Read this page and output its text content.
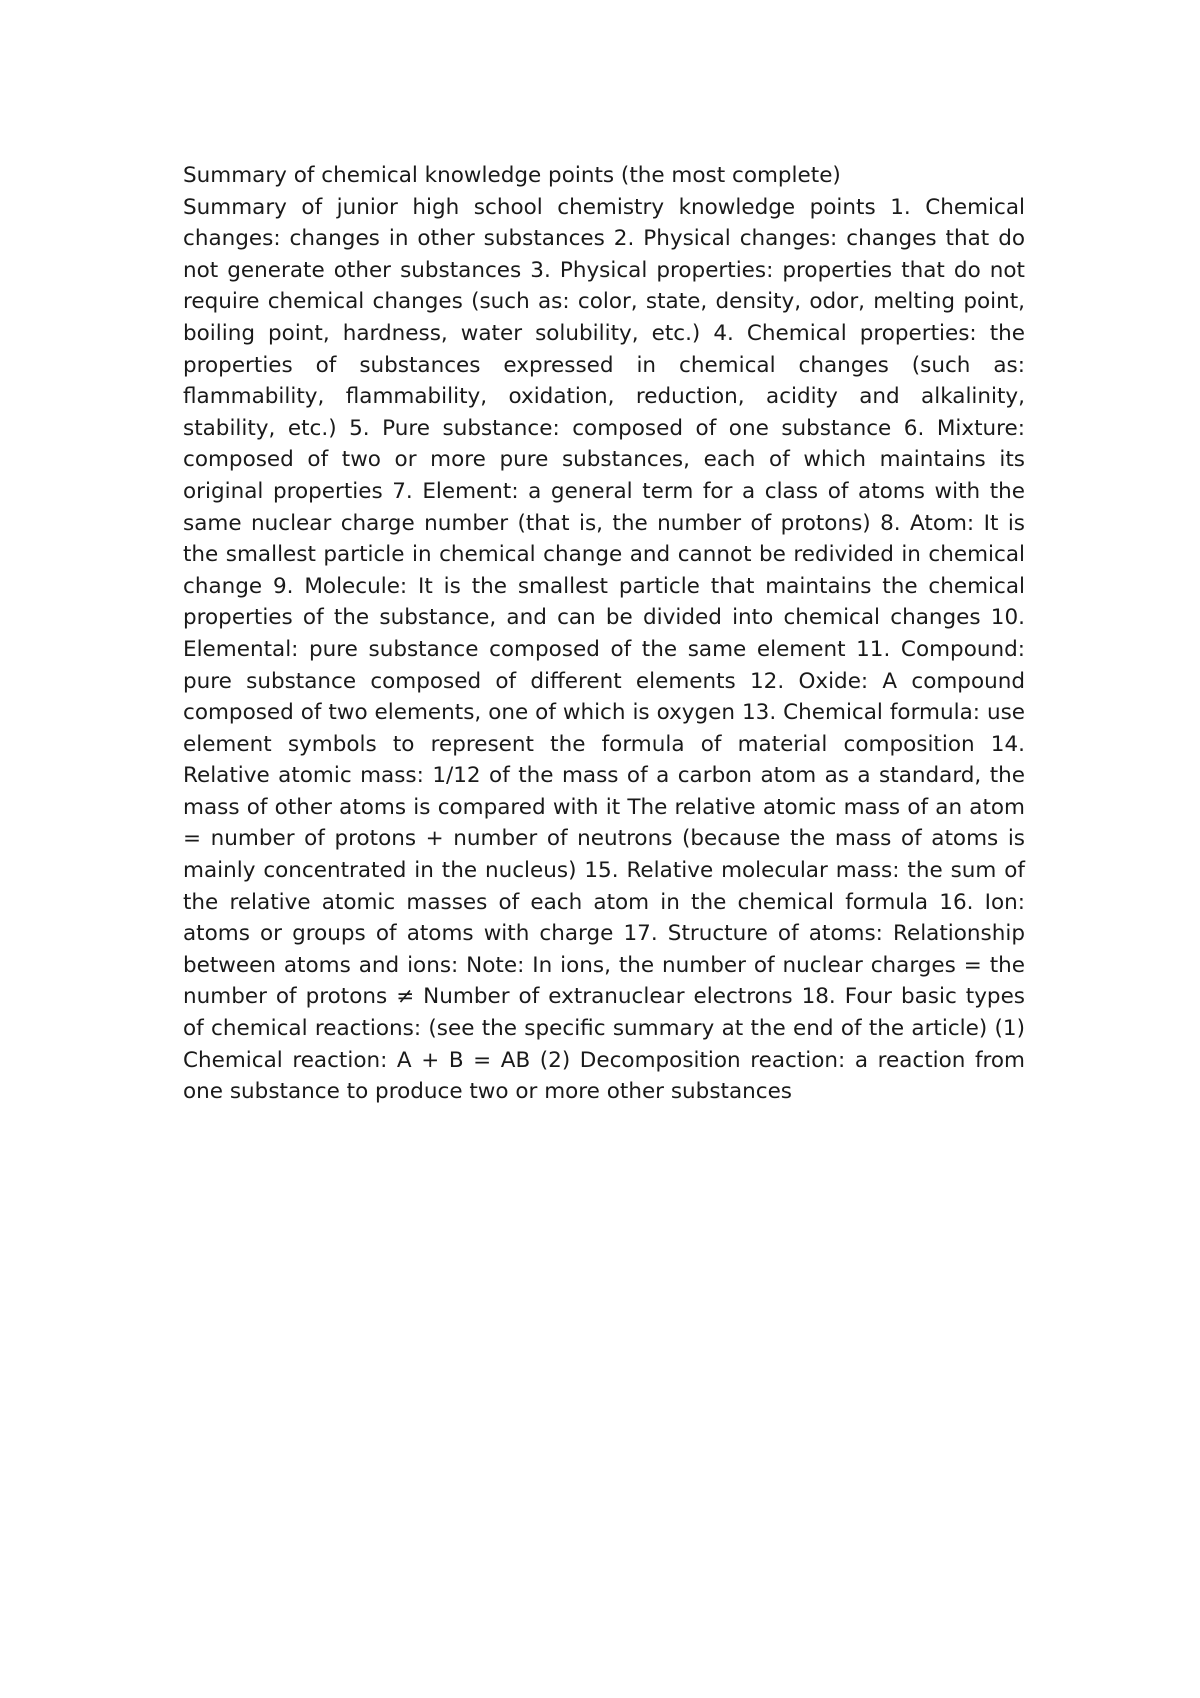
Summary of chemical knowledge points (the most complete)

Summary of junior high school chemistry knowledge points 1. Chemical changes: changes in other substances 2. Physical changes: changes that do not generate other substances 3. Physical properties: properties that do not require chemical changes (such as: color, state, density, odor, melting point, boiling point, hardness, water solubility, etc.) 4. Chemical properties: the properties of substances expressed in chemical changes (such as: flammability, flammability, oxidation, reduction, acidity and alkalinity, stability, etc.) 5. Pure substance: composed of one substance 6. Mixture: composed of two or more pure substances, each of which maintains its original properties 7. Element: a general term for a class of atoms with the same nuclear charge number (that is, the number of protons) 8. Atom: It is the smallest particle in chemical change and cannot be redivided in chemical change 9. Molecule: It is the smallest particle that maintains the chemical properties of the substance, and can be divided into chemical changes 10. Elemental: pure substance composed of the same element 11. Compound: pure substance composed of different elements 12. Oxide: A compound composed of two elements, one of which is oxygen 13. Chemical formula: use element symbols to represent the formula of material composition 14. Relative atomic mass: 1/12 of the mass of a carbon atom as a standard, the mass of other atoms is compared with it The relative atomic mass of an atom = number of protons + number of neutrons (because the mass of atoms is mainly concentrated in the nucleus) 15. Relative molecular mass: the sum of the relative atomic masses of each atom in the chemical formula 16. Ion: atoms or groups of atoms with charge 17. Structure of atoms: Relationship between atoms and ions: Note: In ions, the number of nuclear charges = the number of protons ≠ Number of extranuclear electrons 18. Four basic types of chemical reactions: (see the specific summary at the end of the article) (1) Chemical reaction: A + B = AB (2) Decomposition reaction: a reaction from one substance to produce two or more other substances
